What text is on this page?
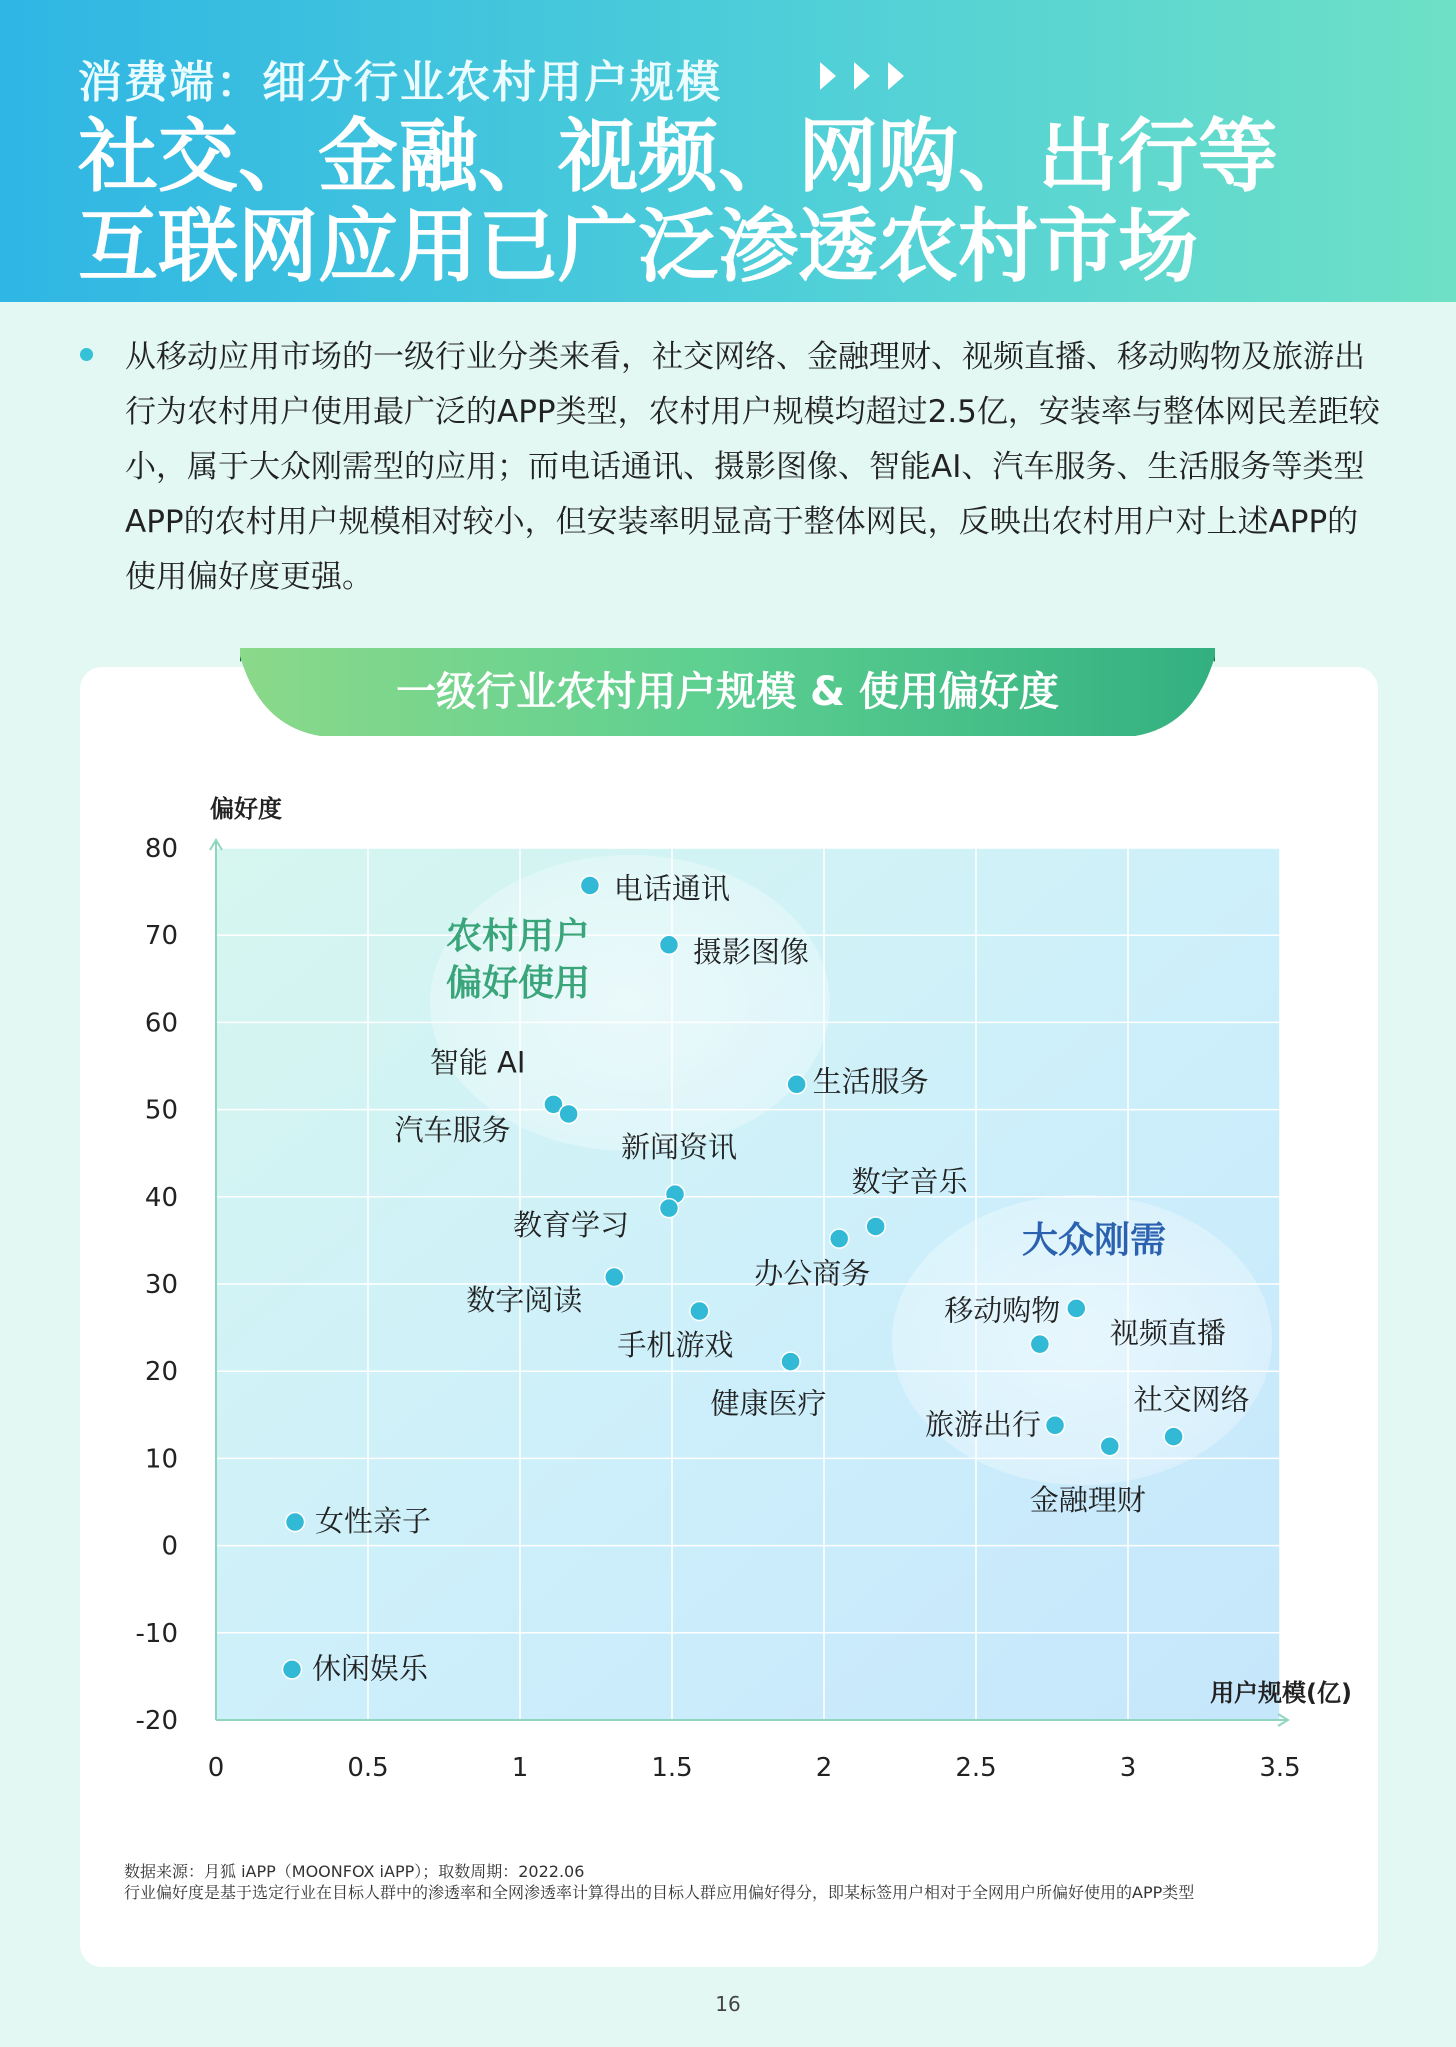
消费端：细分行业农村用户规模
社交、金融、视频、网购、出行等
互联网应用已广泛渗透农村市场
从移动应用市场的一级行业分类来看，社交网络、金融理财、视频直播、移动购物及旅游出行为农村用户使用最广泛的APP类型，农村用户规模均超过2.5亿，安装率与整体网民差距较小，属于大众刚需型的应用；而电话通讯、摄影图像、智能AI、汽车服务、生活服务等类型APP的农村用户规模相对较小，但安装率明显高于整体网民，反映出农村用户对上述APP的使用偏好度更强。
一级行业农村用户规模 & 使用偏好度
偏好度
用户规模(亿)
80
70
60
50
40
30
20
10
0
-10
-20
0	0.5	1	1.5	2	2.5	3	3.5
电话通讯
摄影图像
智能 AI
汽车服务
生活服务
新闻资讯
教育学习
数字音乐
办公商务
数字阅读
手机游戏
健康医疗
移动购物
视频直播
旅游出行
金融理财
社交网络
女性亲子
休闲娱乐
农村用户
偏好使用
大众刚需
数据来源：月狐 iAPP（MOONFOX iAPP）；取数周期：2022.06
行业偏好度是基于选定行业在目标人群中的渗透率和全网渗透率计算得出的目标人群应用偏好得分，即某标签用户相对于全网用户所偏好使用的APP类型
16
